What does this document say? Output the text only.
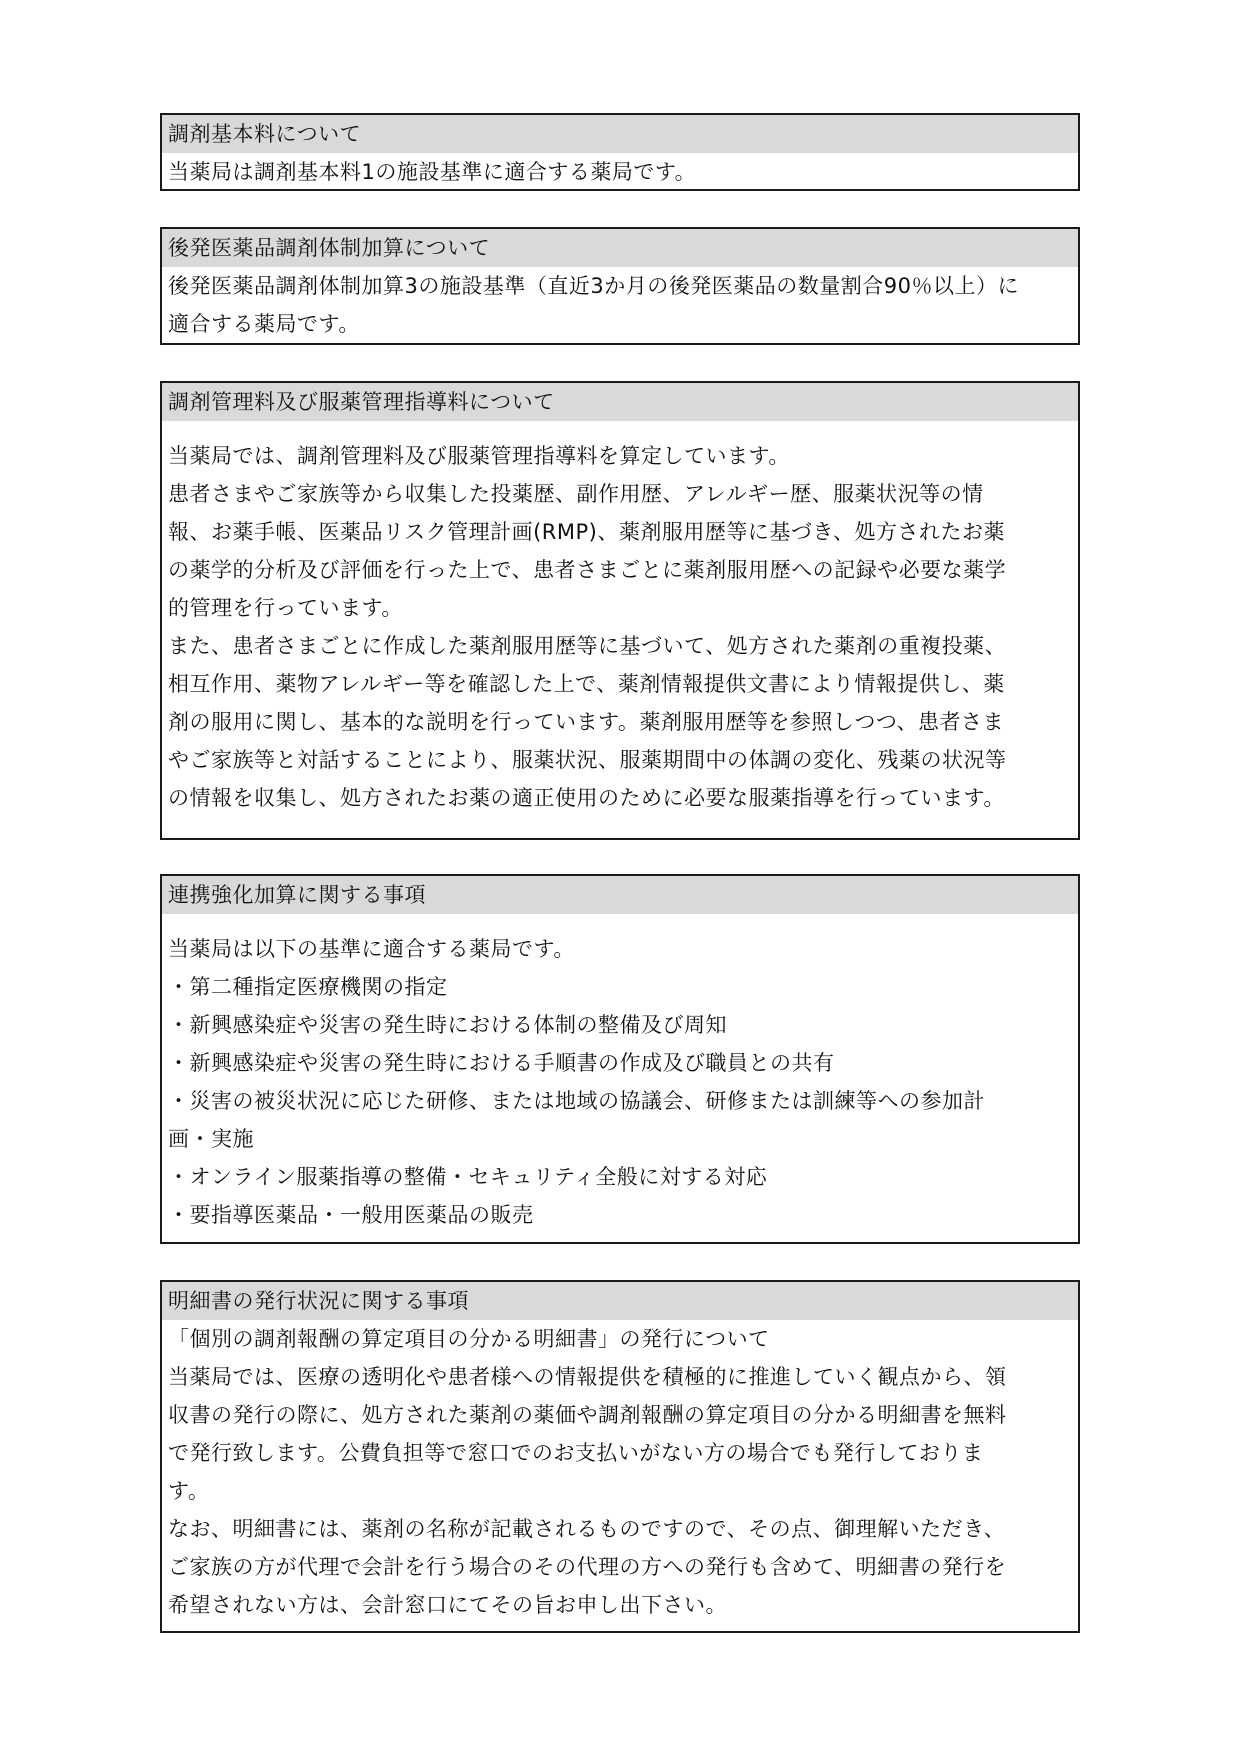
調剤基本料について
当薬局は調剤基本料1の施設基準に適合する薬局です。
後発医薬品調剤体制加算について
後発医薬品調剤体制加算3の施設基準（直近3か月の後発医薬品の数量割合90％以上）に
適合する薬局です。
調剤管理料及び服薬管理指導料について
当薬局では、調剤管理料及び服薬管理指導料を算定しています。
患者さまやご家族等から収集した投薬歴、副作用歴、アレルギー歴、服薬状況等の情
報、お薬手帳、医薬品リスク管理計画(RMP)、薬剤服用歴等に基づき、処方されたお薬
の薬学的分析及び評価を行った上で、患者さまごとに薬剤服用歴への記録や必要な薬学
的管理を行っています。
また、患者さまごとに作成した薬剤服用歴等に基づいて、処方された薬剤の重複投薬、
相互作用、薬物アレルギー等を確認した上で、薬剤情報提供文書により情報提供し、薬
剤の服用に関し、基本的な説明を行っています。薬剤服用歴等を参照しつつ、患者さま
やご家族等と対話することにより、服薬状況、服薬期間中の体調の変化、残薬の状況等
の情報を収集し、処方されたお薬の適正使用のために必要な服薬指導を行っています。
連携強化加算に関する事項
当薬局は以下の基準に適合する薬局です。
・第二種指定医療機関の指定
・新興感染症や災害の発生時における体制の整備及び周知
・新興感染症や災害の発生時における手順書の作成及び職員との共有
・災害の被災状況に応じた研修、または地域の協議会、研修または訓練等への参加計
画・実施
・オンライン服薬指導の整備・セキュリティ全般に対する対応
・要指導医薬品・一般用医薬品の販売
明細書の発行状況に関する事項
「個別の調剤報酬の算定項目の分かる明細書」の発行について
当薬局では、医療の透明化や患者様への情報提供を積極的に推進していく観点から、領
収書の発行の際に、処方された薬剤の薬価や調剤報酬の算定項目の分かる明細書を無料
で発行致します。公費負担等で窓口でのお支払いがない方の場合でも発行しておりま
す。
なお、明細書には、薬剤の名称が記載されるものですので、その点、御理解いただき、
ご家族の方が代理で会計を行う場合のその代理の方への発行も含めて、明細書の発行を
希望されない方は、会計窓口にてその旨お申し出下さい。
